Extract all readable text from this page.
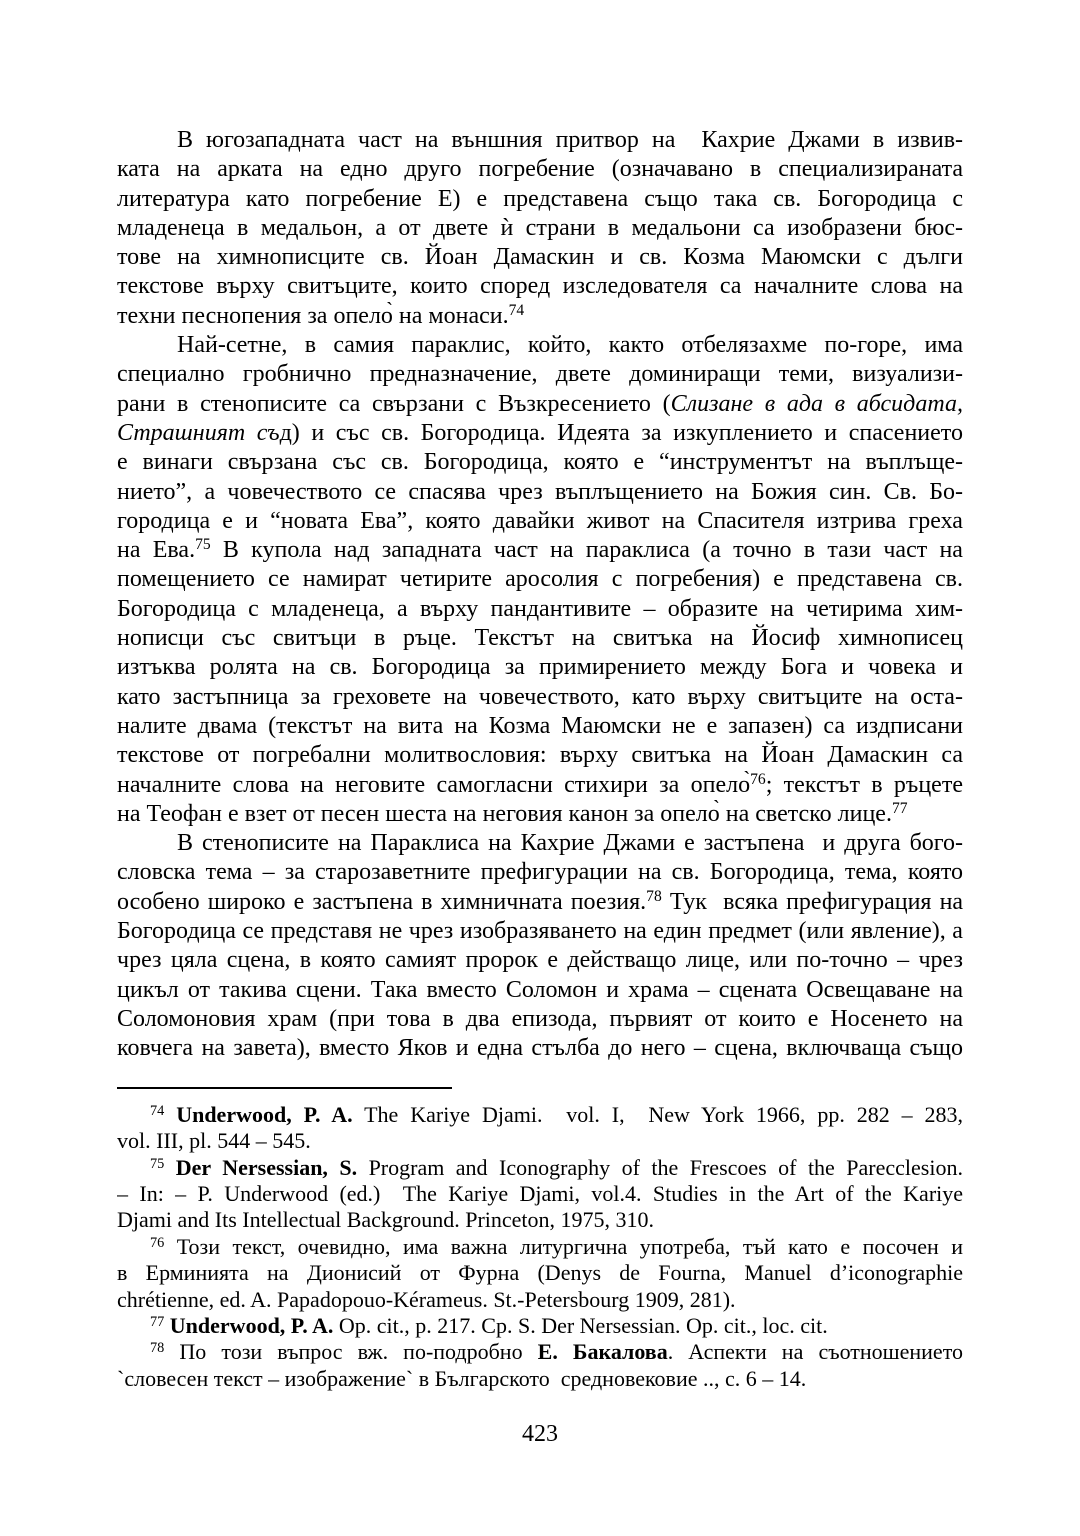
В югозападната част на външния притвор на  Кахрие Джами в извив-
ката на арката на едно друго погребение (означавано в специализираната
литература като погребение Е) е представена също така св. Богородица с
младенеца в медальон, а от двете ѝ страни в медальони са изобразени бюс-
тове на химнописците св. Йоан Дамаскин и св. Козма Маюмски с дълги
текстове върху свитъците, които според изследователя са началните слова на
техни песнопения за опело̀ на монаси.$^{74}$
Най-сетне, в самия параклис, който, както отбелязахме по-горе, има
специално гробнично предназначение, двете доминиращи теми, визуализи-
рани в стенописите са свързани с Възкресението (Слизане в ада в абсидата,
Страшният съд) и със св. Богородица. Идеята за изкуплението и спасението
е винаги свързана със св. Богородица, която е “инструментът на въплъще-
нието”, а човечеството се спасява чрез въплъщението на Божия син. Св. Бо-
городица е и “новата Ева”, която давайки живот на Спасителя изтрива греха
на Ева.$^{75}$ В купола над западната част на параклиса (а точно в тази част на
помещението се намират четирите аросолия с погребения) е представена св.
Богородица с младенеца, а върху пандантивите – образите на четирима хим-
нописци със свитъци в ръце. Текстът на свитъка на Йосиф химнописец
изтъква ролята на св. Богородица за примирението между Бога и човека и
като застъпница за греховете на човечеството, като върху свитъците на оста-
налите двама (текстът на вита на Козма Маюмски не е запазен) са издписани
текстове от погребални молитвословия: върху свитъка на Йоан Дамаскин са
началните слова на неговите самогласни стихири за опело̀$^{76}$; текстът в ръцете
на Теофан е взет от песен шеста на неговия канон за опело̀ на светско лице.$^{77}$
В стенописите на Параклиса на Кахрие Джами е застъпена  и друга бого-
словска тема – за старозаветните префигурации на св. Богородица, тема, която
особено широко е застъпена в химничната поезия.$^{78}$ Тук  всяка префигурация на
Богородица се представя не чрез изобразяването на един предмет (или явление), а
чрез цяла сцена, в която самият пророк е действащо лице, или по-точно – чрез
цикъл от такива сцени. Така вместо Соломон и храма – сцената Освещаване на
Соломоновия храм (при това в два епизода, първият от които е Носенето на
ковчега на завета), вместо Яков и една стълба до него – сцена, включваща също
$^{74}$ Underwood, P. A. The Kariye Djami.  vol. I,  New York 1966, pp. 282 – 283,
vol. III, pl. 544 – 545.
$^{75}$ Der Nersessian, S. Program and Iconography of the Frescoes of the Parecclesion.
– In: – P. Underwood (ed.)  The Kariye Djami, vol.4. Studies in the Art of the Kariye
Djami and Its Intellectual Background. Princeton, 1975, 310.
$^{76}$ Този текст, очевидно, има важна литургична употреба, тъй като е посочен и
в Ерминията на Дионисий от Фурна (Denys de Fourna, Manuel d’iconographie
chrétienne, ed. A. Papadopouo-Kérameus. St.-Petersbourg 1909, 281).
$^{77}$ Underwood, P. A. Op. cit., p. 217. Ср. S. Der Nersessian. Op. cit., loc. cit.
$^{78}$ По този въпрос вж. по-подробно Е. Бакалова. Аспекти на съотношението
`словесен текст – изображение` в Българското  средновековие .., с. 6 – 14.
423
